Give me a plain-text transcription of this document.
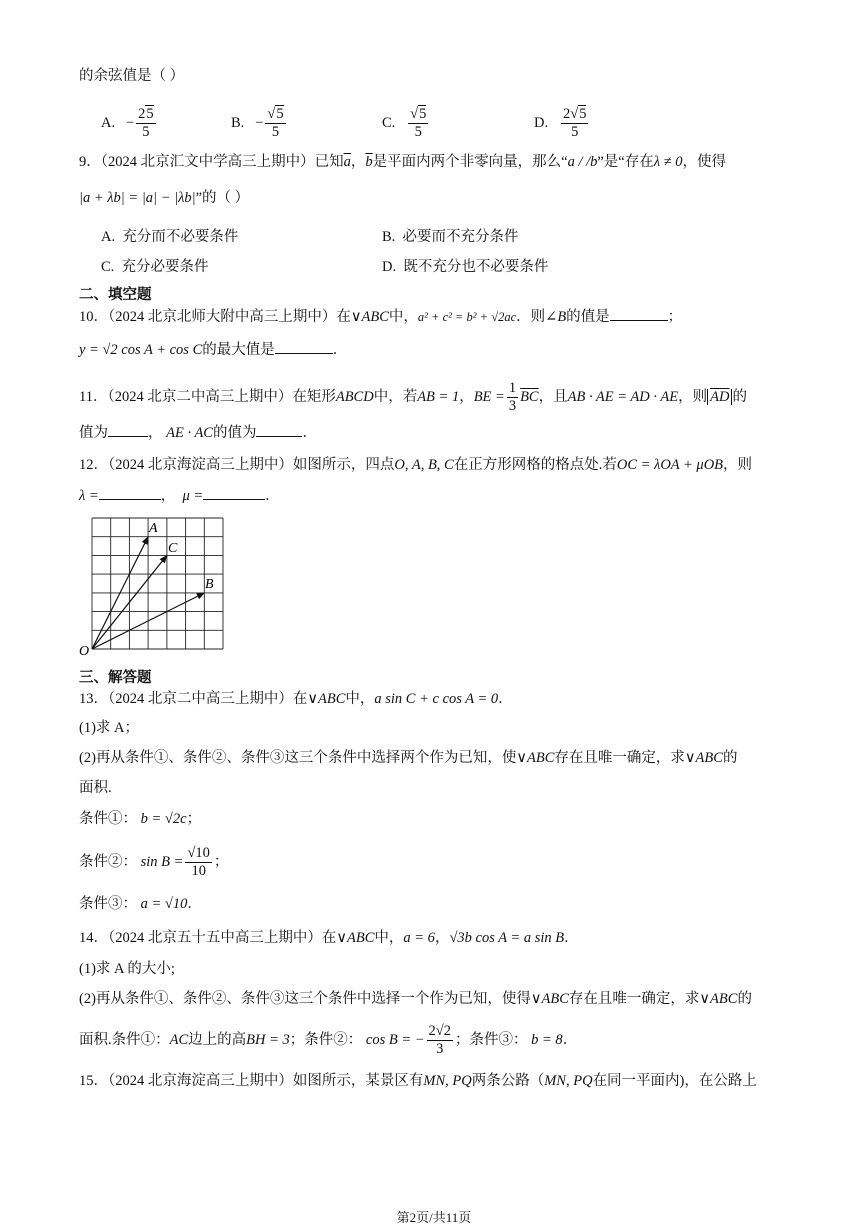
的余弦值是（ ）
A. − $\frac{25}{5}$	B. − $\frac{√5}{5}$	C. $\frac{√5}{5}$	D. $\frac{2√5}{5}$
9．（2024 北京汇文中学高三上期中）已知$\overline{a}$，$\overline{b}$是平面内两个非零向量，那么“a / /b”是“存在λ ≠ 0，使得
|a + λb| = |a| − |λb|”的（ ）
A. 充分而不必要条件	B. 必要而不充分条件
C. 充分必要条件	D. 既不充分也不必要条件
二、填空题
10．（2024 北京北师大附中高三上期中）在∨ABC中，a² + c² = b² + √2ac．则∠B的值是	；
y = √2 cos A + cos C的最大值是	．
11．（2024 北京二中高三上期中）在矩形ABCD中，若AB = 1，BE = $\frac{1}{3} \overline{BC}$，且AB · AE = AD · AE，则 $\overline{AD}$ 的
值为	， AE · AC的值为	．
12．（2024 北京海淀高三上期中）如图所示，四点O, A, B, C在正方形网格的格点处.若OC = λOA + μOB，则
λ =	， μ =	．
A
C
B
O
三、解答题
13．（2024 北京二中高三上期中）在∨ABC中，a sin C + c cos A = 0．
(1)求 A；
(2)再从条件①、条件②、条件③这三个条件中选择两个作为已知，使∨ABC存在且唯一确定，求∨ABC的
面积.
条件①： b = √2c；
条件②： $\sin B = \frac{√10}{10}$ ；
条件③： a = √10．
14．（2024 北京五十五中高三上期中）在∨ABC中，a = 6，√3b cos A = a sin B．
(1)求 A 的大小;
(2)再从条件①、条件②、条件③这三个条件中选择一个作为已知，使得∨ABC存在且唯一确定，求∨ABC的
面积.条件①：AC边上的高BH = 3；条件②： cos B = − $\frac{2√2}{3}$ ；条件③： b = 8．
15．（2024 北京海淀高三上期中）如图所示，某景区有MN, PQ两条公路（MN, PQ在同一平面内)，在公路上
第2页/共11页
